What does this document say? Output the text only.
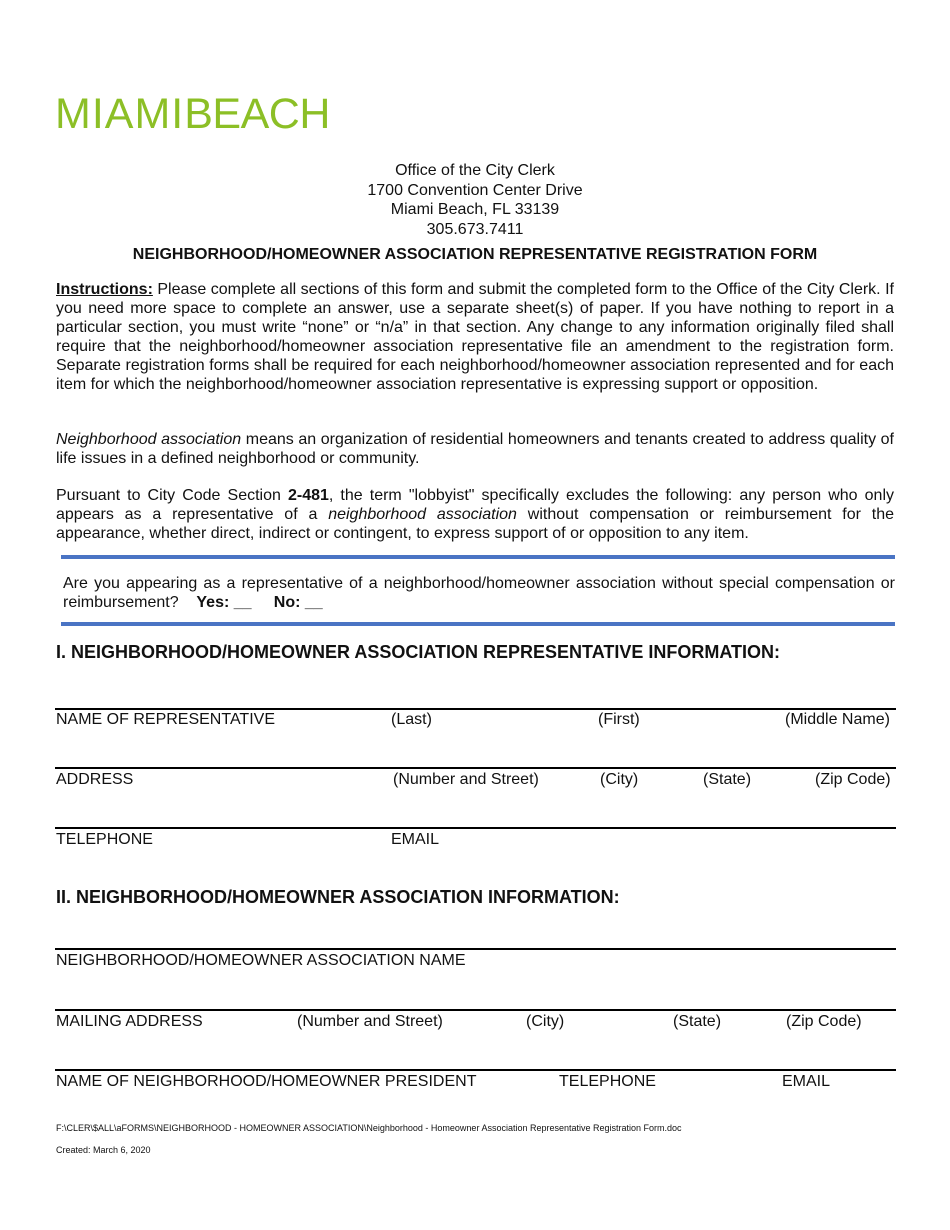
MIAMIBEACH
Office of the City Clerk
1700 Convention Center Drive
Miami Beach, FL 33139
305.673.7411
NEIGHBORHOOD/HOMEOWNER ASSOCIATION REPRESENTATIVE REGISTRATION FORM
Instructions: Please complete all sections of this form and submit the completed form to the Office of the City Clerk. If you need more space to complete an answer, use a separate sheet(s) of paper. If you have nothing to report in a particular section, you must write “none” or “n/a” in that section. Any change to any information originally filed shall require that the neighborhood/homeowner association representative file an amendment to the registration form. Separate registration forms shall be required for each neighborhood/homeowner association represented and for each item for which the neighborhood/homeowner association representative is expressing support or opposition.
Neighborhood association means an organization of residential homeowners and tenants created to address quality of life issues in a defined neighborhood or community.
Pursuant to City Code Section 2-481, the term "lobbyist" specifically excludes the following: any person who only appears as a representative of a neighborhood association without compensation or reimbursement for the appearance, whether direct, indirect or contingent, to express support of or opposition to any item.
Are you appearing as a representative of a neighborhood/homeowner association without special compensation or reimbursement? Yes: __ No: __
I. NEIGHBORHOOD/HOMEOWNER ASSOCIATION REPRESENTATIVE INFORMATION:
NAME OF REPRESENTATIVE	(Last)	(First)	(Middle Name)
ADDRESS	(Number and Street)	(City)	(State)	(Zip Code)
TELEPHONE	EMAIL
II. NEIGHBORHOOD/HOMEOWNER ASSOCIATION INFORMATION:
NEIGHBORHOOD/HOMEOWNER ASSOCIATION NAME
MAILING ADDRESS	(Number and Street)	(City)	(State)	(Zip Code)
NAME OF NEIGHBORHOOD/HOMEOWNER PRESIDENT	TELEPHONE	EMAIL
F:\CLER\$ALL\aFORMS\NEIGHBORHOOD - HOMEOWNER ASSOCIATION\Neighborhood - Homeowner Association Representative Registration Form.doc
Created: March 6, 2020
